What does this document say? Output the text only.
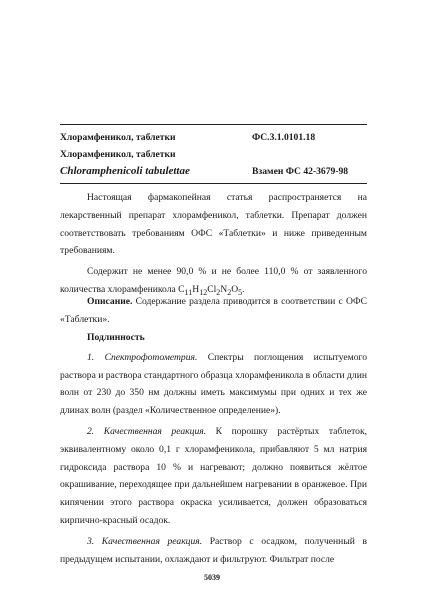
Хлорамфеникол, таблетки	ФС.3.1.0101.18
Хлорамфеникол, таблетки
Chloramphenicoli tabulettae	Взамен ФС 42-3679-98

Настоящая фармакопейная статья распространяется на лекарственный препарат хлорамфеникол, таблетки. Препарат должен соответствовать требованиям ОФС «Таблетки» и ниже приведенным требованиям.

Содержит не менее 90,0 % и не более 110,0 % от заявленного количества хлорамфеникола $C_{11}H_{12}Cl_2N_2O_5$.

Описание. Содержание раздела приводится в соответствии с ОФС «Таблетки».

Подлинность

1. Спектрофотометрия. Спектры поглощения испытуемого раствора и раствора стандартного образца хлорамфеникола в области длин волн от 230 до 350 нм должны иметь максимумы при одних и тех же длинах волн (раздел «Количественное определение»).

2. Качественная реакция. К порошку растёртых таблеток, эквивалентному около 0,1 г хлорамфеникола, прибавляют 5 мл натрия гидроксида раствора 10 % и нагревают; должно появиться жёлтое окрашивание, переходящее при дальнейшем нагревании в оранжевое. При кипячении этого раствора окраска усиливается, должен образоваться кирпично-красный осадок.

3. Качественная реакция. Раствор с осадком, полученный в предыдущем испытании, охлаждают и фильтруют. Фильтрат после

5039
